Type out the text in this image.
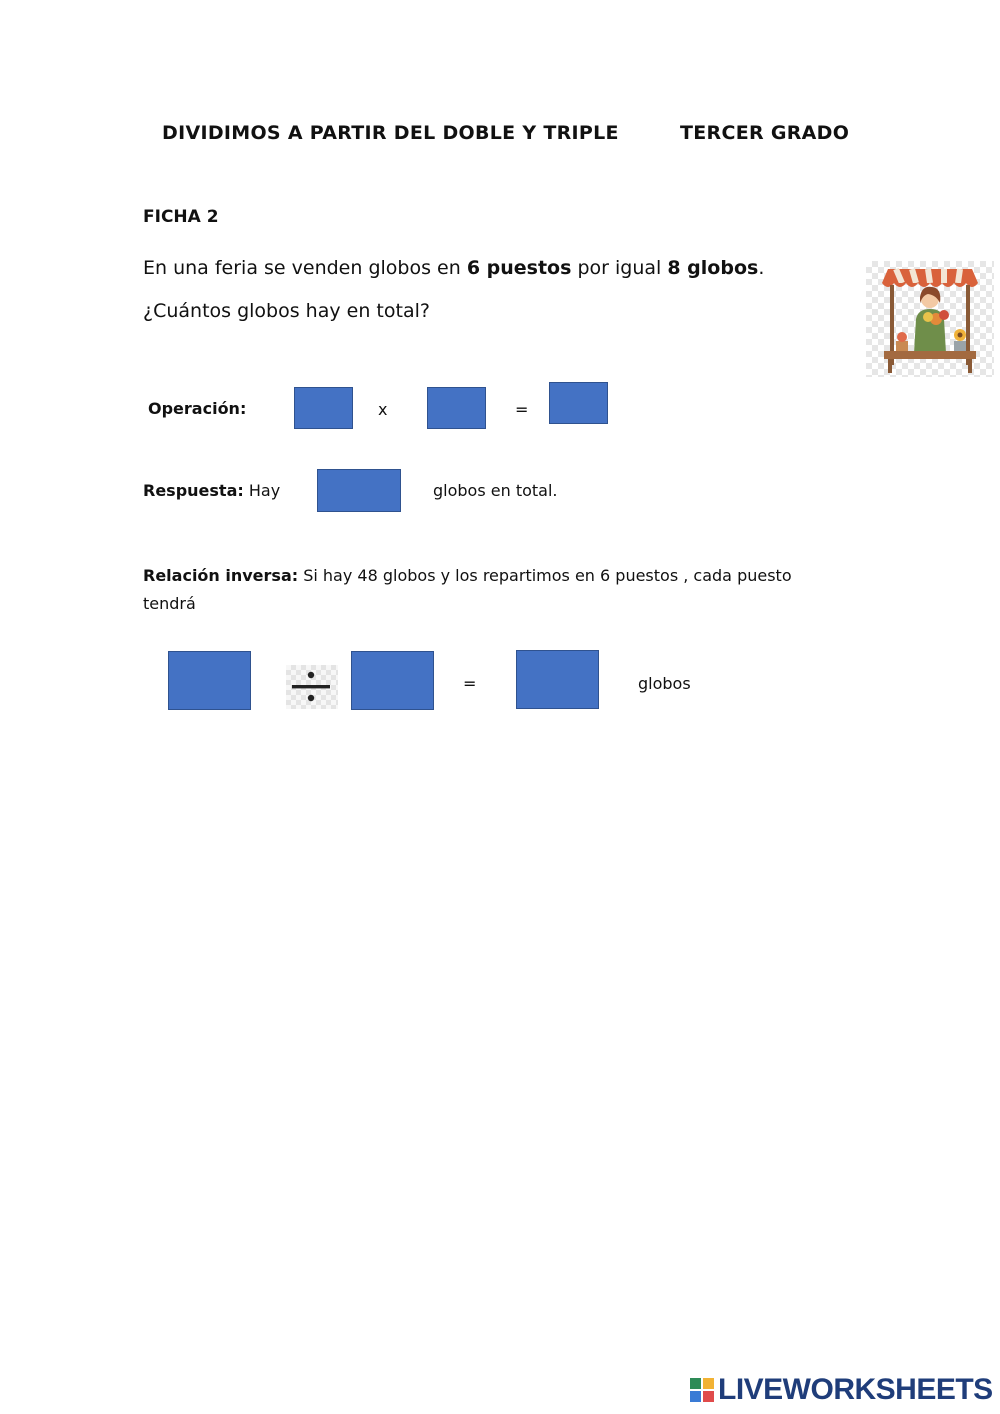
DIVIDIMOS A PARTIR DEL DOBLE Y TRIPLE	TERCER GRADO
FICHA 2
En una feria se venden globos en 6 puestos por igual 8 globos. ¿Cuántos globos hay en total?
Operación:	x	=
Respuesta: Hay	globos en total.
Relación inversa: Si hay 48 globos y los repartimos en 6 puestos , cada puesto tendrá
=	globos
LIVEWORKSHEETS
